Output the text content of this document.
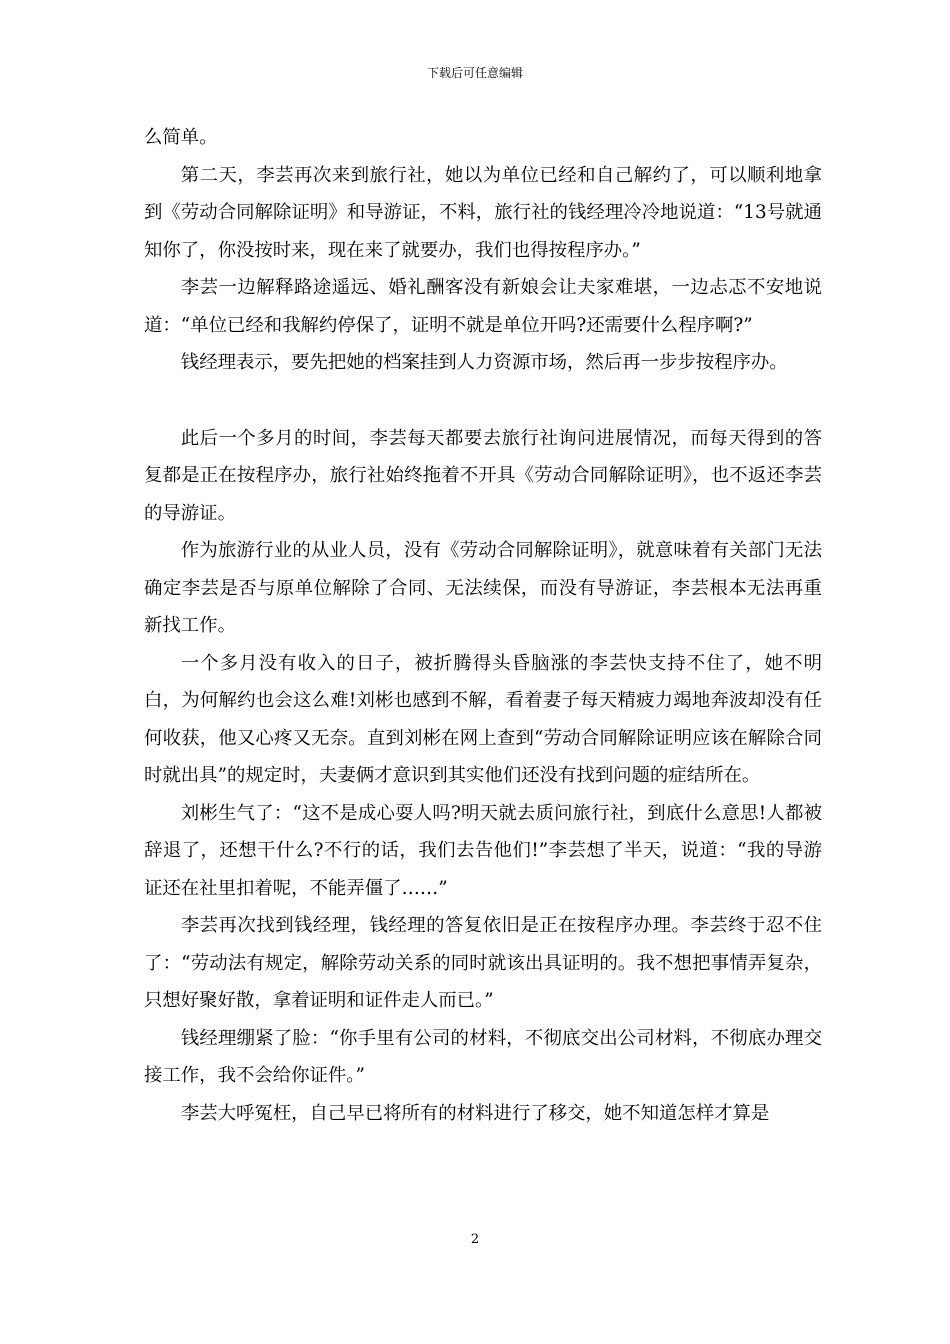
下载后可任意编辑

么简单。

第二天，李芸再次来到旅行社，她以为单位已经和自己解约了，可以顺利地拿到《劳动合同解除证明》和导游证，不料，旅行社的钱经理冷冷地说道：“13号就通知你了，你没按时来，现在来了就要办，我们也得按程序办。”

李芸一边解释路途遥远、婚礼酬客没有新娘会让夫家难堪，一边忐忑不安地说道：“单位已经和我解约停保了，证明不就是单位开吗?还需要什么程序啊?”

钱经理表示，要先把她的档案挂到人力资源市场，然后再一步步按程序办。

此后一个多月的时间，李芸每天都要去旅行社询问进展情况，而每天得到的答复都是正在按程序办，旅行社始终拖着不开具《劳动合同解除证明》，也不返还李芸的导游证。

作为旅游行业的从业人员，没有《劳动合同解除证明》，就意味着有关部门无法确定李芸是否与原单位解除了合同、无法续保，而没有导游证，李芸根本无法再重新找工作。

一个多月没有收入的日子，被折腾得头昏脑涨的李芸快支持不住了，她不明白，为何解约也会这么难!刘彬也感到不解，看着妻子每天精疲力竭地奔波却没有任何收获，他又心疼又无奈。直到刘彬在网上查到“劳动合同解除证明应该在解除合同时就出具”的规定时，夫妻俩才意识到其实他们还没有找到问题的症结所在。

刘彬生气了：“这不是成心耍人吗?明天就去质问旅行社，到底什么意思!人都被辞退了，还想干什么?不行的话，我们去告他们!”李芸想了半天，说道：“我的导游证还在社里扣着呢，不能弄僵了……”

李芸再次找到钱经理，钱经理的答复依旧是正在按程序办理。李芸终于忍不住了：“劳动法有规定，解除劳动关系的同时就该出具证明的。我不想把事情弄复杂，只想好聚好散，拿着证明和证件走人而已。”

钱经理绷紧了脸：“你手里有公司的材料，不彻底交出公司材料，不彻底办理交接工作，我不会给你证件。”

李芸大呼冤枉，自己早已将所有的材料进行了移交，她不知道怎样才算是

2
